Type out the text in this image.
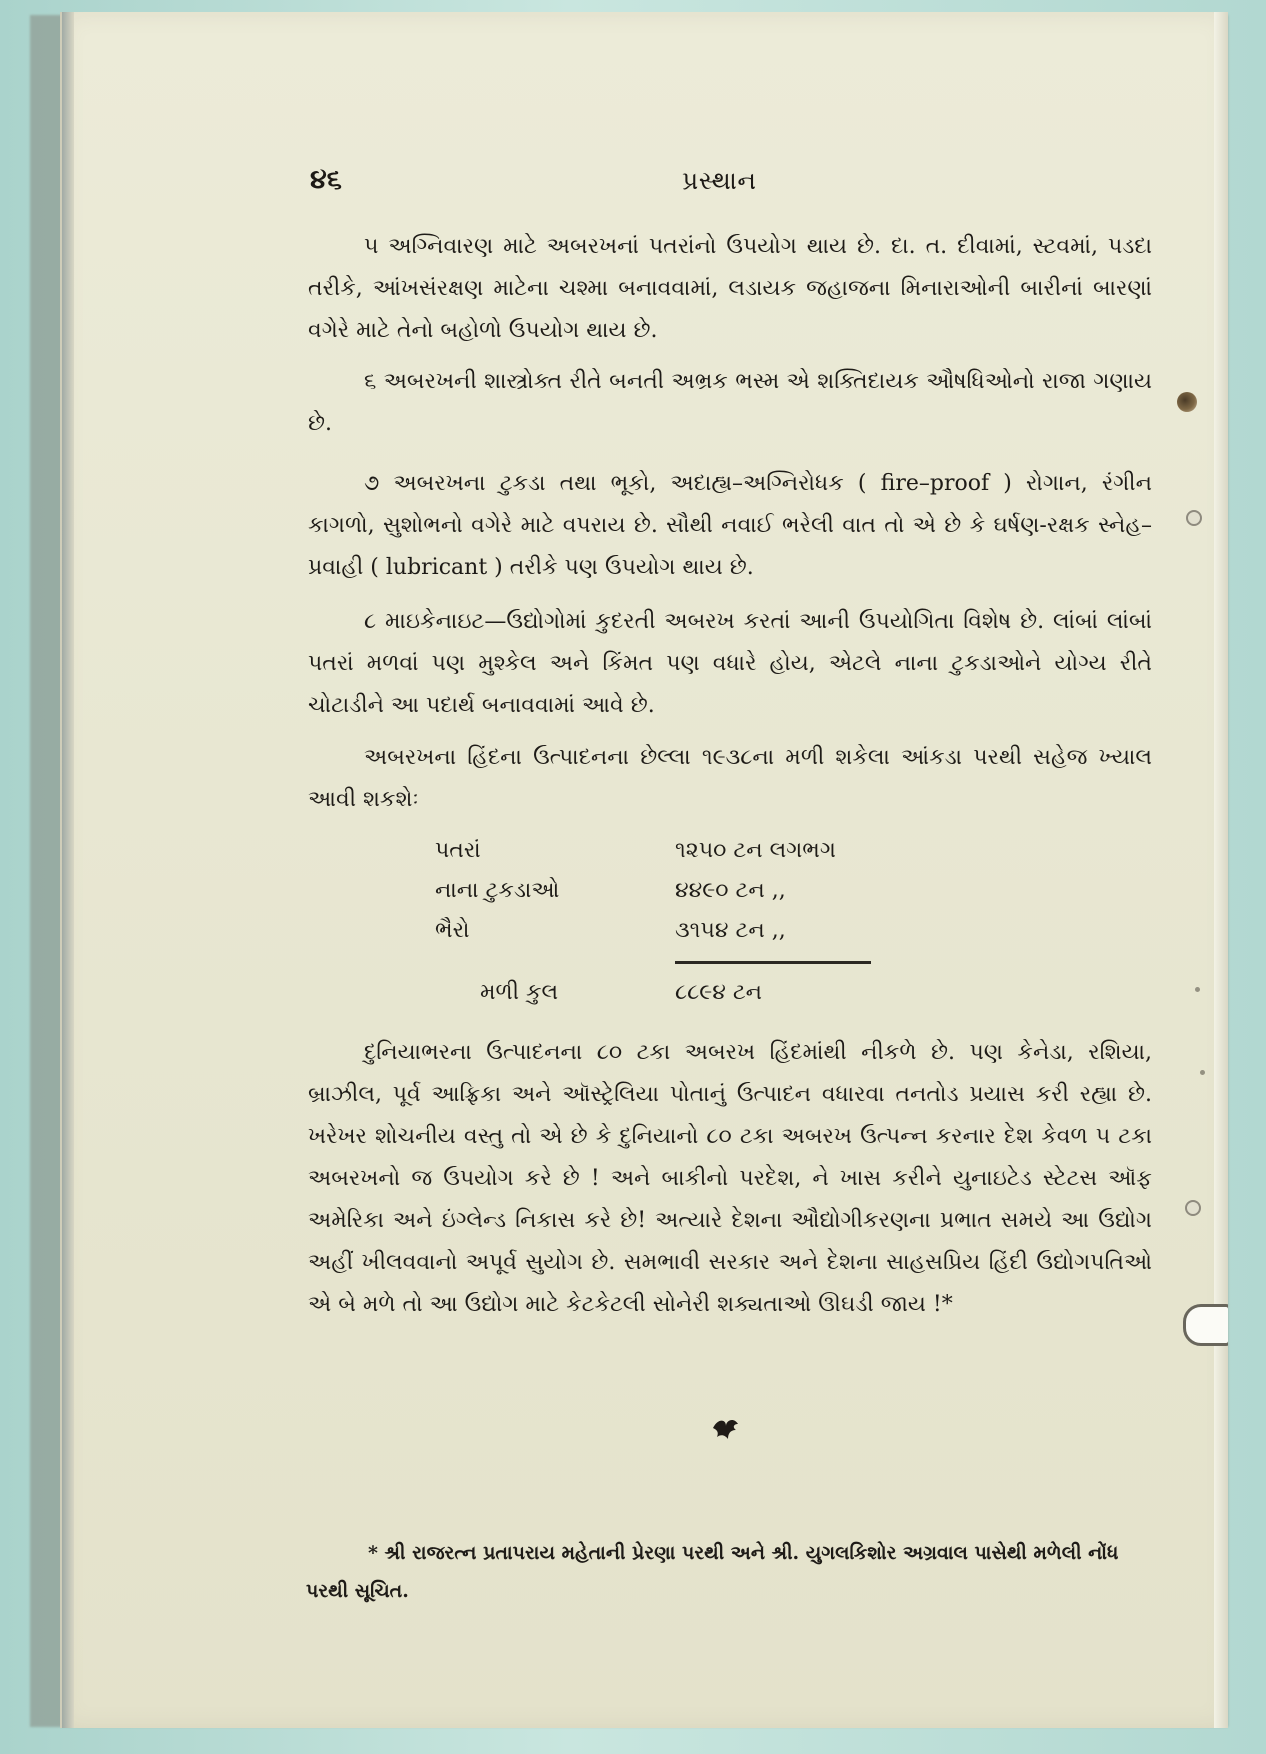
૪૬	પ્રસ્થાન

૫ અગ્નિવારણ માટે અબરખનાં પતરાંનો ઉપયોગ થાય છે. દા. ત. દીવામાં, સ્ટવમાં, પડદા તરીકે, આંખસંરક્ષણ માટેના ચશ્મા બનાવવામાં, લડાયક જહાજના મિનારાઓની બારીનાં બારણાં વગેરે માટે તેનો બહોળો ઉપયોગ થાય છે.

૬ અબરખની શાસ્ત્રોક્ત રીતે બનતી અભ્રક ભસ્મ એ શક્તિદાયક ઔષધિઓનો રાજા ગણાય છે.

૭ અબરખના ટુકડા તથા ભૂકો, અદાહ્ય–અગ્નિરોધક ( fire–proof ) રોગાન, રંગીન કાગળો, સુશોભનો વગેરે માટે વપરાય છે. સૌથી નવાઈ ભરેલી વાત તો એ છે કે ઘર્ષણ-રક્ષક સ્નેહ–પ્રવાહી ( lubricant ) તરીકે પણ ઉપયોગ થાય છે.

૮ માઇકેનાઇટ—ઉદ્યોગોમાં કુદરતી અબરખ કરતાં આની ઉપયોગિતા વિશેષ છે. લાંબાં લાંબાં પતરાં મળવાં પણ મુશ્કેલ અને કિંમત પણ વધારે હોય, એટલે નાના ટુકડાઓને યોગ્ય રીતે ચોટાડીને આ પદાર્થ બનાવવામાં આવે છે.

અબરખના હિંદના ઉત્પાદનના છેલ્લા ૧૯૩૮ના મળી શકેલા આંકડા પરથી સહેજ ખ્યાલ આવી શકશેઃ

પતરાં	૧૨૫૦ ટન લગભગ
નાના ટુકડાઓ	૪૪૯૦ ટન ,,
ભૈરો	૩૧૫૪ ટન ,,
મળી કુલ	૮૮૯૪ ટન

દુનિયાભરના ઉત્પાદનના ૮૦ ટકા અબરખ હિંદમાંથી નીકળે છે. પણ કેનેડા, રશિયા, બ્રાઝીલ, પૂર્વ આફ્રિકા અને ઑસ્ટ્રેલિયા પોતાનું ઉત્પાદન વધારવા તનતોડ પ્રયાસ કરી રહ્યા છે. ખરેખર શોચનીય વસ્તુ તો એ છે કે દુનિયાનો ૮૦ ટકા અબરખ ઉત્પન્ન કરનાર દેશ કેવળ ૫ ટકા અબરખનો જ ઉપયોગ કરે છે ! અને બાકીનો પરદેશ, ને ખાસ કરીને યુનાઇટેડ સ્ટેટસ ઑફ અમેરિકા અને ઇંગ્લેન્ડ નિકાસ કરે છે! અત્યારે દેશના ઔદ્યોગીકરણના પ્રભાત સમયે આ ઉદ્યોગ અહીં ખીલવવાનો અપૂર્વ સુયોગ છે. સમભાવી સરકાર અને દેશના સાહસપ્રિય હિંદી ઉદ્યોગપતિઓ એ બે મળે તો આ ઉદ્યોગ માટે કેટકેટલી સોનેરી શક્યતાઓ ઊઘડી જાય !*

* શ્રી રાજરત્ન પ્રતાપરાય મહેતાની પ્રેરણા પરથી અને શ્રી. યુગલકિશોર અગ્રવાલ પાસેથી મળેલી નોંધ પરથી સૂચિત.
